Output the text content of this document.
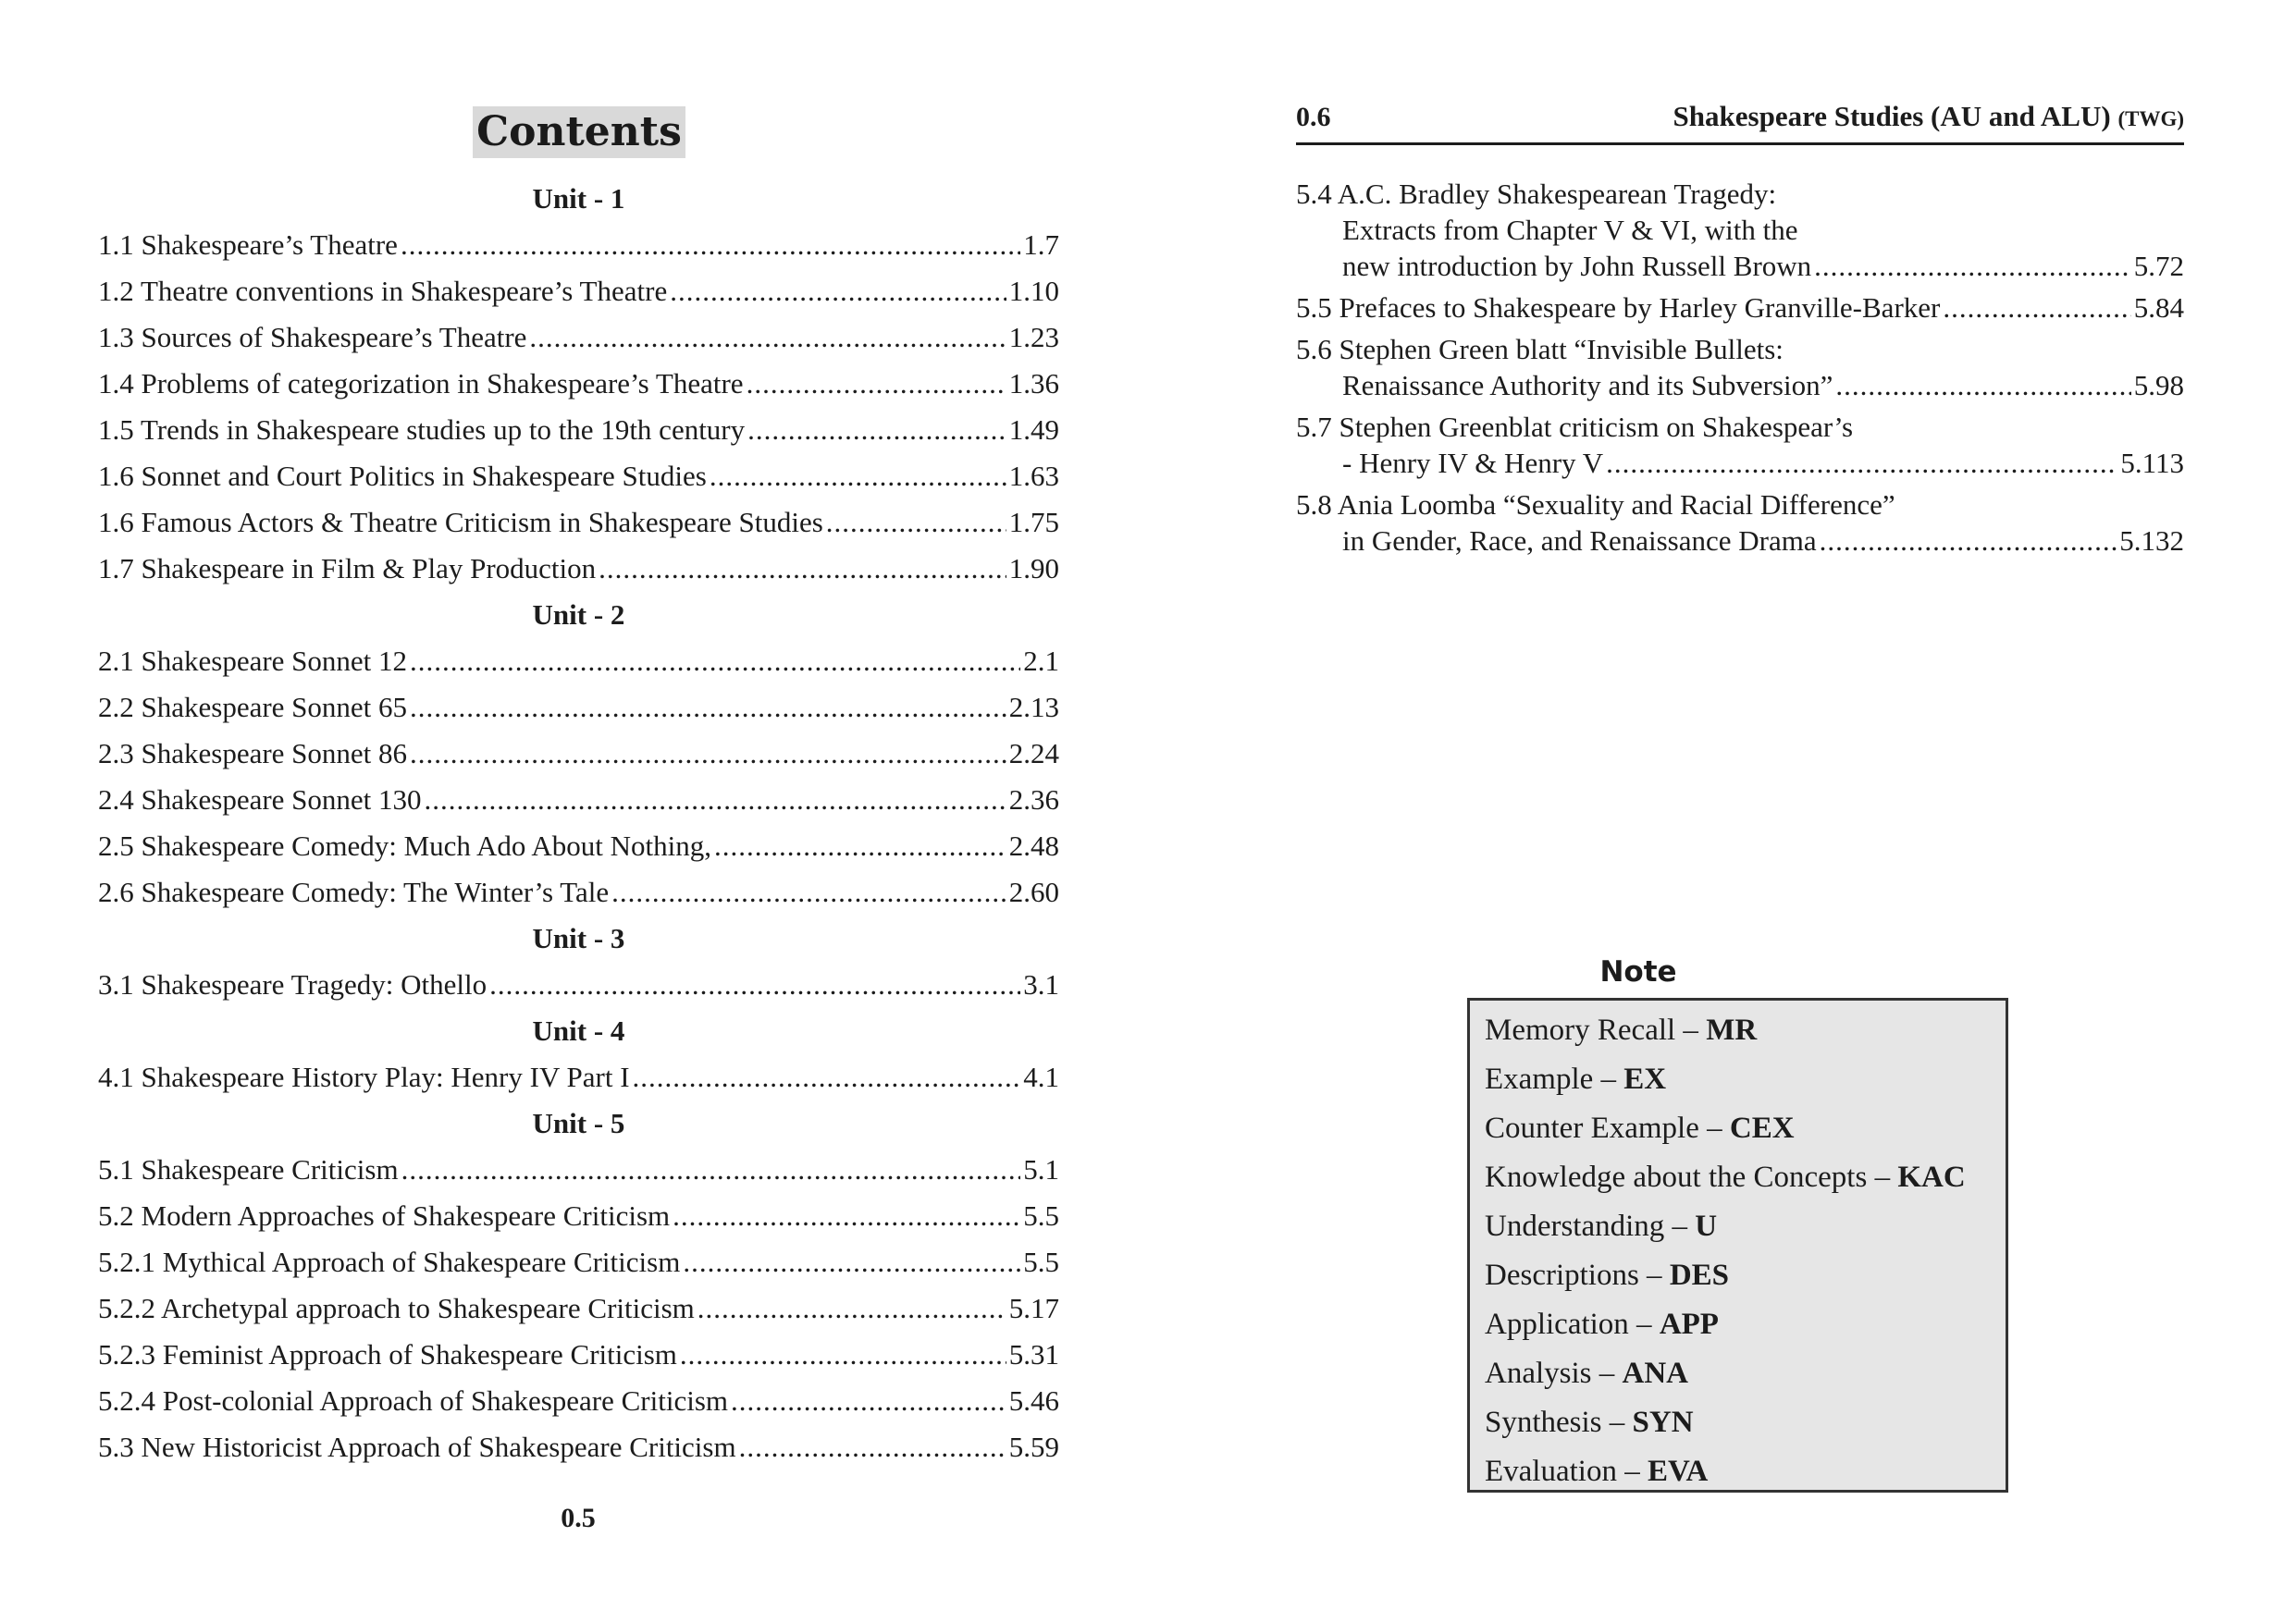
Contents
Unit - 1
1.1 Shakespeare’s Theatre .....	1.7
1.2 Theatre conventions in Shakespeare’s Theatre .....	1.10
1.3 Sources of Shakespeare’s Theatre .....	1.23
1.4 Problems of categorization in Shakespeare’s Theatre .....	1.36
1.5 Trends in Shakespeare studies up to the 19th century .....	1.49
1.6 Sonnet and Court Politics in Shakespeare Studies .....	1.63
1.6 Famous Actors & Theatre Criticism in Shakespeare Studies .....	1.75
1.7 Shakespeare in Film & Play Production .....	1.90
Unit - 2
2.1 Shakespeare Sonnet 12 .....	2.1
2.2 Shakespeare Sonnet 65 .....	2.13
2.3 Shakespeare Sonnet 86 .....	2.24
2.4 Shakespeare Sonnet 130 .....	2.36
2.5 Shakespeare Comedy: Much Ado About Nothing, .....	2.48
2.6 Shakespeare Comedy: The Winter’s Tale .....	2.60
Unit - 3
3.1 Shakespeare Tragedy: Othello .....	3.1
Unit - 4
4.1 Shakespeare History Play: Henry IV Part I .....	4.1
Unit - 5
5.1 Shakespeare Criticism .....	5.1
5.2 Modern Approaches of Shakespeare Criticism .....	5.5
5.2.1 Mythical Approach of Shakespeare Criticism .....	5.5
5.2.2 Archetypal approach to Shakespeare Criticism .....	5.17
5.2.3 Feminist Approach of Shakespeare Criticism .....	5.31
5.2.4 Post-colonial Approach of Shakespeare Criticism .....	5.46
5.3 New Historicist Approach of Shakespeare Criticism .....	5.59
0.5
0.6	Shakespeare Studies (AU and ALU) (TWG)
5.4 A.C. Bradley Shakespearean Tragedy:
Extracts from Chapter V & VI, with the
new introduction by John Russell Brown .....	5.72
5.5 Prefaces to Shakespeare by Harley Granville-Barker .....	5.84
5.6 Stephen Green blatt “Invisible Bullets:
Renaissance Authority and its Subversion” .....	5.98
5.7 Stephen Greenblat criticism on Shakespear’s
- Henry IV & Henry V .....	5.113
5.8 Ania Loomba “Sexuality and Racial Difference”
in Gender, Race, and Renaissance Drama .....	5.132
Note
Memory Recall – MR
Example – EX
Counter Example – CEX
Knowledge about the Concepts – KAC
Understanding – U
Descriptions – DES
Application – APP
Analysis – ANA
Synthesis – SYN
Evaluation – EVA
